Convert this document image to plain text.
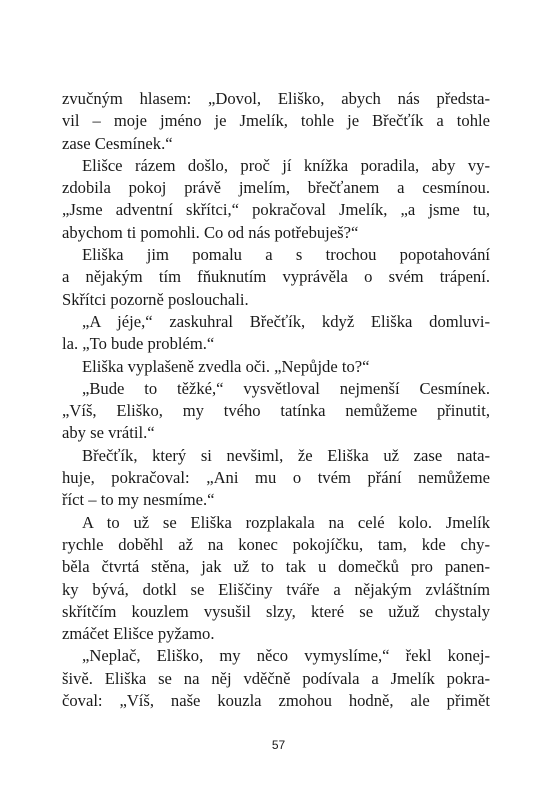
zvučným hlasem: „Dovol, Eliško, abych nás předsta-
vil – moje jméno je Jmelík, tohle je Břečťík a tohle
zase Cesmínek.“
Elišce rázem došlo, proč jí knížka poradila, aby vy-
zdobila pokoj právě jmelím, břečťanem a cesmínou.
„Jsme adventní skřítci,“ pokračoval Jmelík, „a jsme tu,
abychom ti pomohli. Co od nás potřebuješ?“
Eliška jim pomalu a s trochou popotahování
a nějakým tím fňuknutím vyprávěla o svém trápení.
Skřítci pozorně poslouchali.
„A jéje,“ zaskuhral Břečťík, když Eliška domluvi-
la. „To bude problém.“
Eliška vyplašeně zvedla oči. „Nepůjde to?“
„Bude to těžké,“ vysvětloval nejmenší Cesmínek.
„Víš, Eliško, my tvého tatínka nemůžeme přinutit,
aby se vrátil.“
Břečťík, který si nevšiml, že Eliška už zase nata-
huje, pokračoval: „Ani mu o tvém přání nemůžeme
říct – to my nesmíme.“
A to už se Eliška rozplakala na celé kolo. Jmelík
rychle doběhl až na konec pokojíčku, tam, kde chy-
běla čtvrtá stěna, jak už to tak u domečků pro panen-
ky bývá, dotkl se Eliščiny tváře a nějakým zvláštním
skřítčím kouzlem vysušil slzy, které se užuž chystaly
zmáčet Elišce pyžamo.
„Neplač, Eliško, my něco vymyslíme,“ řekl konej-
šivě. Eliška se na něj vděčně podívala a Jmelík pokra-
čoval: „Víš, naše kouzla zmohou hodně, ale přimět
57
